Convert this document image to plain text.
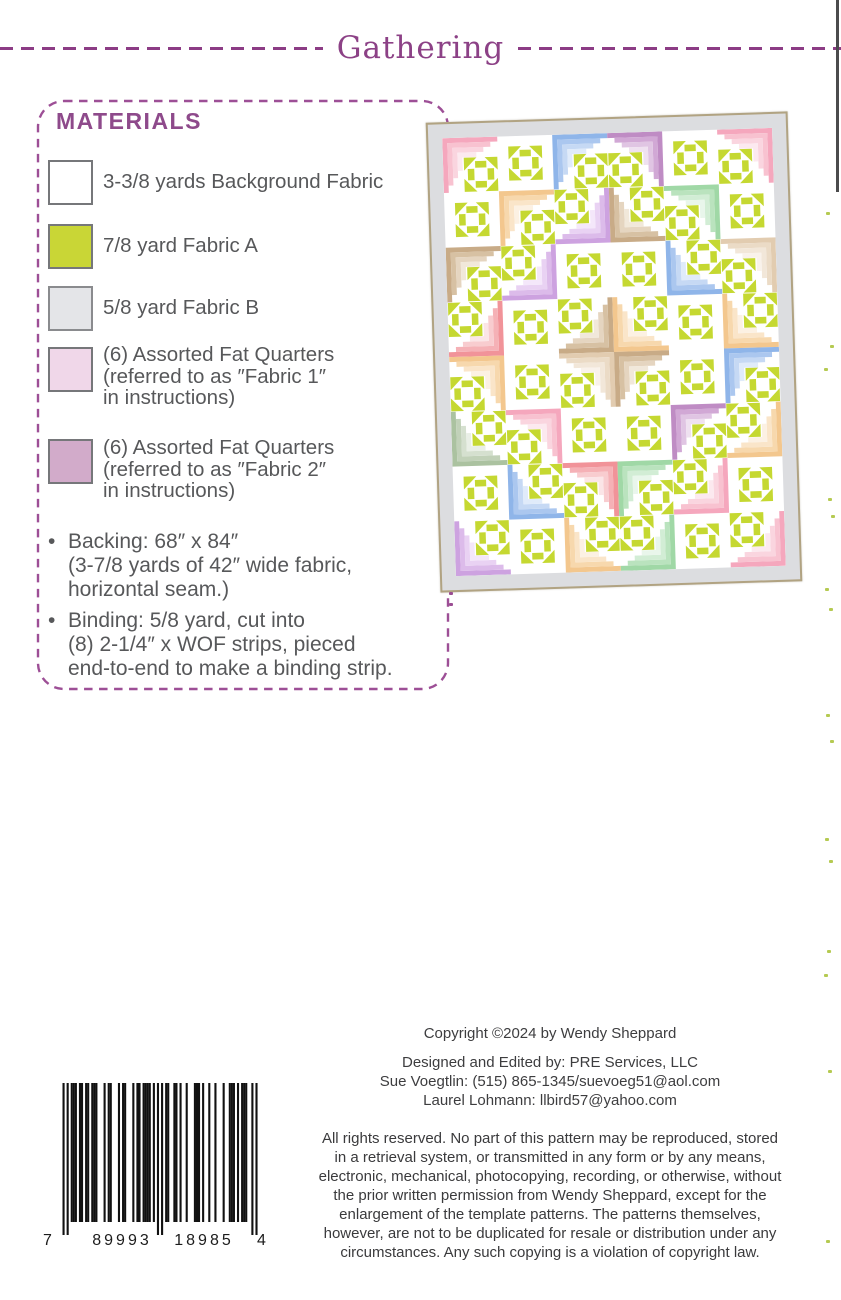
Gathering
MATERIALS
3-3/8 yards Background Fabric
7/8 yard Fabric A
5/8 yard Fabric B
(6) Assorted Fat Quarters
(referred to as ″Fabric 1″
in instructions)
(6) Assorted Fat Quarters
(referred to as ″Fabric 2″
in instructions)
• Backing: 68″ x 84″
(3-7/8 yards of 42″ wide fabric,
horizontal seam.)
• Binding: 5/8 yard, cut into
(8) 2-1/4″ x WOF strips, pieced
end-to-end to make a binding strip.
Copyright ©2024 by Wendy Sheppard
Designed and Edited by: PRE Services, LLC
Sue Voegtlin: (515) 865-1345/suevoeg51@aol.com
Laurel Lohmann: llbird57@yahoo.com
All rights reserved. No part of this pattern may be reproduced, stored
in a retrieval system, or transmitted in any form or by any means,
electronic, mechanical, photocopying, recording, or otherwise, without
the prior written permission from Wendy Sheppard, except for the
enlargement of the template patterns. The patterns themselves,
however, are not to be duplicated for resale or distribution under any
circumstances. Any such copying is a violation of copyright law.
7	89993	18985	4
